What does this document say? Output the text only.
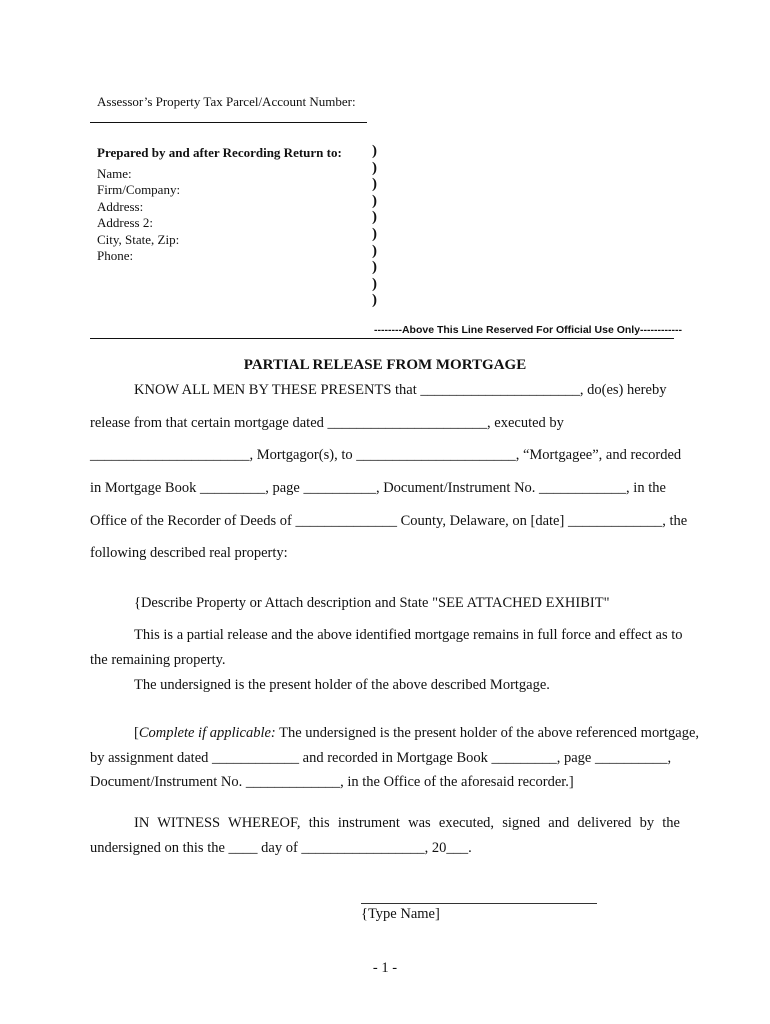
Assessor’s Property Tax Parcel/Account Number:
Prepared by and after Recording Return to:
Name:
Firm/Company:
Address:
Address 2:
City, State, Zip:
Phone:
)
)
)
)
)
)
)
)
)
)
--------Above This Line Reserved For Official Use Only------------
PARTIAL RELEASE FROM MORTGAGE
KNOW ALL MEN BY THESE PRESENTS that ______________________, do(es) hereby
release from that certain mortgage dated ______________________, executed by
______________________, Mortgagor(s), to ______________________, “Mortgagee”, and recorded
in Mortgage Book _________, page __________, Document/Instrument No. ____________, in the
Office of the Recorder of Deeds of ______________ County, Delaware, on [date] _____________, the
following described real property:
{Describe Property or Attach description and State "SEE ATTACHED EXHIBIT"
This is a partial release and the above identified mortgage remains in full force and effect as to
the remaining property.
The undersigned is the present holder of the above described Mortgage.
[Complete if applicable: The undersigned is the present holder of the above referenced mortgage,
by assignment dated ____________ and recorded in Mortgage Book _________, page __________,
Document/Instrument No. _____________, in the Office of the aforesaid recorder.]
IN WITNESS WHEREOF, this instrument was executed, signed and delivered by the
undersigned on this the ____ day of _________________, 20___.
{Type Name]
- 1 -
